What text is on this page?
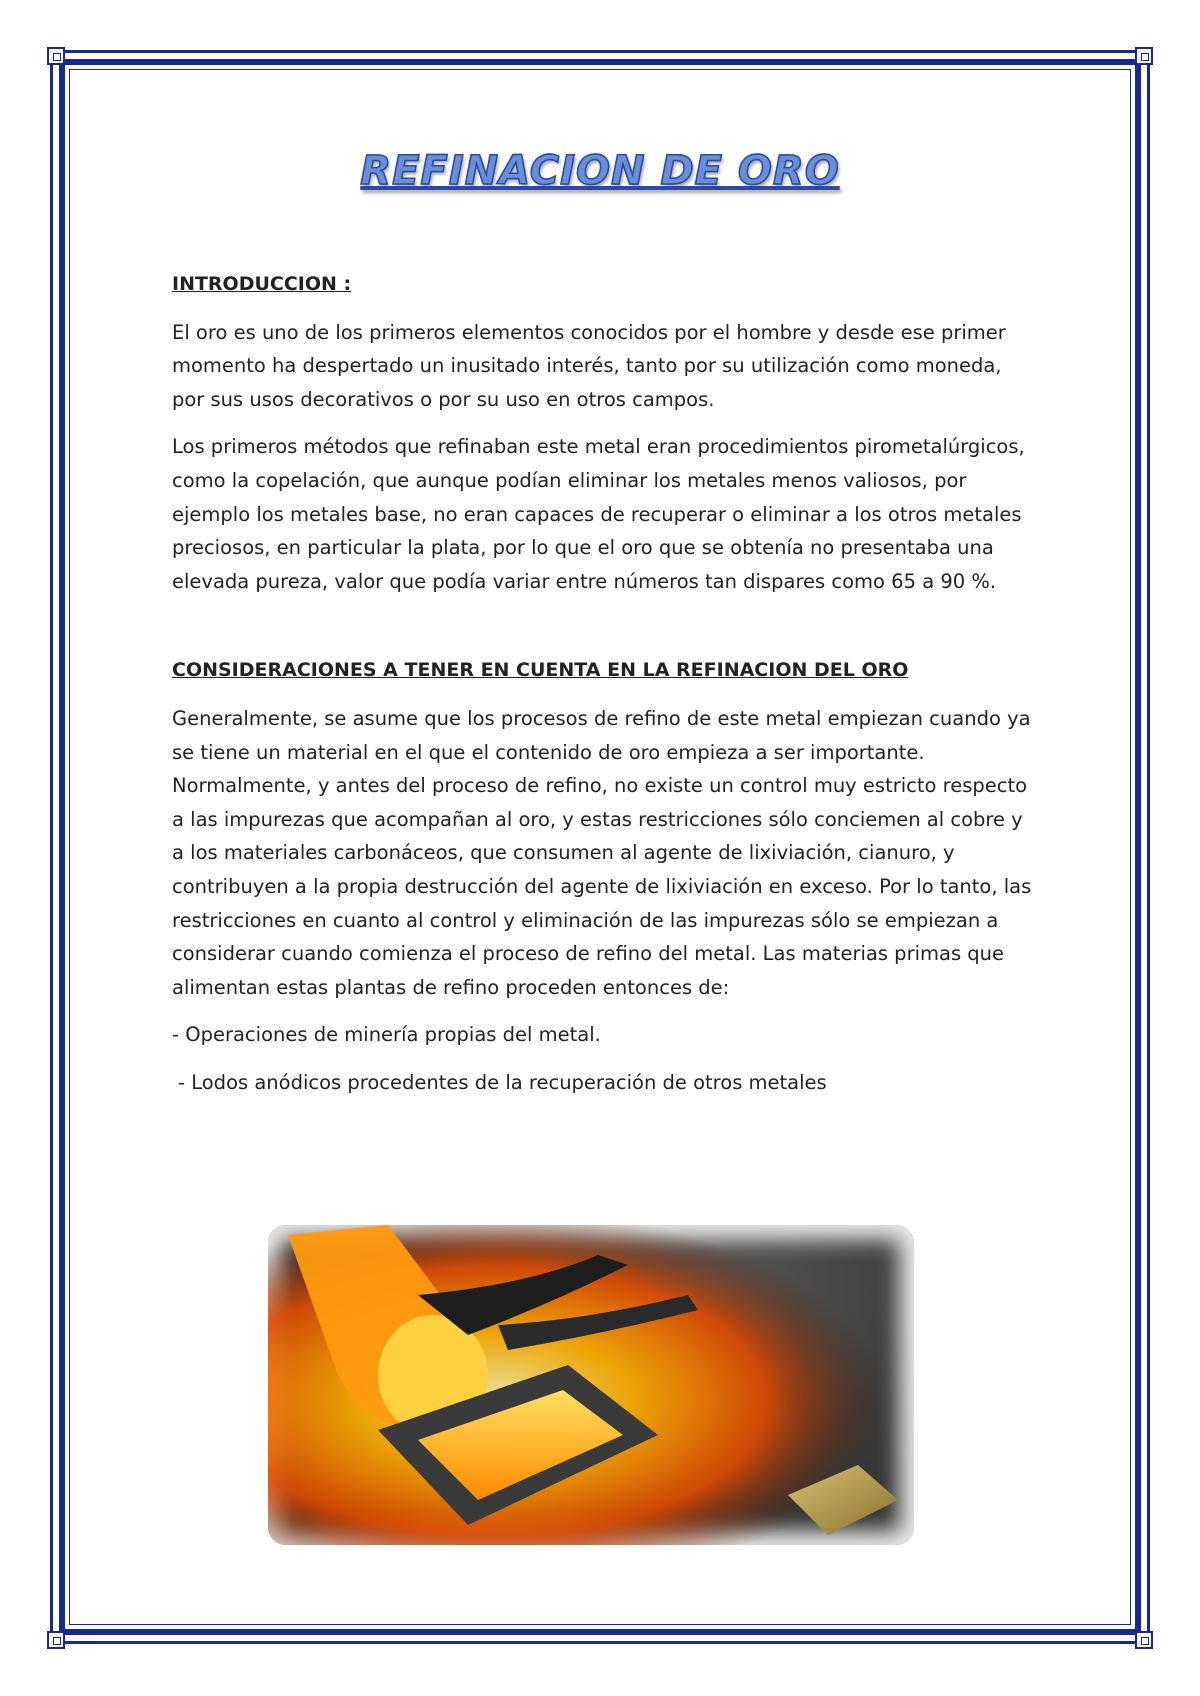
REFINACION DE ORO
INTRODUCCION :

El oro es uno de los primeros elementos conocidos por el hombre y desde ese primer momento ha despertado un inusitado interés, tanto por su utilización como moneda, por sus usos decorativos o por su uso en otros campos.

Los primeros métodos que refinaban este metal eran procedimientos pirometalúrgicos, como la copelación, que aunque podían eliminar los metales menos valiosos, por ejemplo los metales base, no eran capaces de recuperar o eliminar a los otros metales preciosos, en particular la plata, por lo que el oro que se obtenía no presentaba una elevada pureza, valor que podía variar entre números tan dispares como 65 a 90 %.

CONSIDERACIONES A TENER EN CUENTA EN LA REFINACION DEL ORO

Generalmente, se asume que los procesos de refino de este metal empiezan cuando ya se tiene un material en el que el contenido de oro empieza a ser importante. Normalmente, y antes del proceso de refino, no existe un control muy estricto respecto a las impurezas que acompañan al oro, y estas restricciones sólo conciemen al cobre y a los materiales carbonáceos, que consumen al agente de lixiviación, cianuro, y contribuyen a la propia destrucción del agente de lixiviación en exceso. Por lo tanto, las restricciones en cuanto al control y eliminación de las impurezas sólo se empiezan a considerar cuando comienza el proceso de refino del metal. Las materias primas que alimentan estas plantas de refino proceden entonces de:

- Operaciones de minería propias del metal.
- Lodos anódicos procedentes de la recuperación de otros metales
